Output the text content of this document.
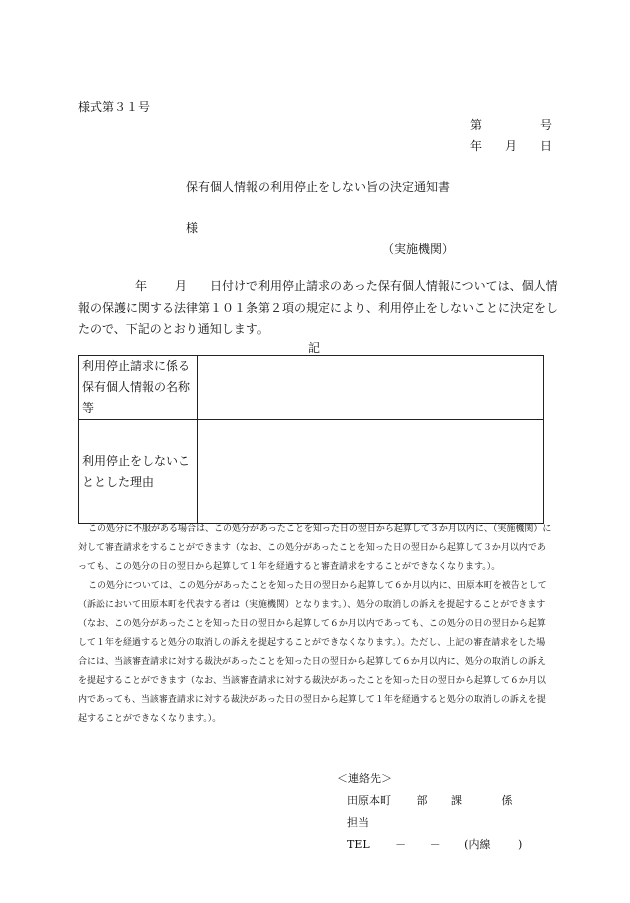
様式第３１号
第	号
年 月 日
保有個人情報の利用停止をしない旨の決定通知書
様
（実施機関）
年 月 日付けで利用停止請求のあった保有個人情報については、個人情
報の保護に関する法律第１０１条第２項の規定により、利用停止をしないことに決定をし
たので、下記のとおり通知します。
記
利用停止請求に係る保有個人情報の名称等	
利用停止をしないこととした理由	

この処分に不服がある場合は、この処分があったことを知った日の翌日から起算して３か月以内に、（実施機関）に対して審査請求をすることができます（なお、この処分があったことを知った日の翌日から起算して３か月以内であっても、この処分の日の翌日から起算して１年を経過すると審査請求をすることができなくなります。）。

この処分については、この処分があったことを知った日の翌日から起算して６か月以内に、田原本町を被告として（訴訟において田原本町を代表する者は（実施機関）となります。）、処分の取消しの訴えを提起することができます（なお、この処分があったことを知った日の翌日から起算して６か月以内であっても、この処分の日の翌日から起算して１年を経過すると処分の取消しの訴えを提起することができなくなります。）。ただし、上記の審査請求をした場合には、当該審査請求に対する裁決があったことを知った日の翌日から起算して６か月以内に、処分の取消しの訴えを提起することができます（なお、当該審査請求に対する裁決があったことを知った日の翌日から起算して６か月以内であっても、当該審査請求に対する裁決があった日の翌日から起算して１年を経過すると処分の取消しの訴えを提起することができなくなります。）。

＜連絡先＞
田原本町 部 課	係
担当
TEL － － (内線	)
